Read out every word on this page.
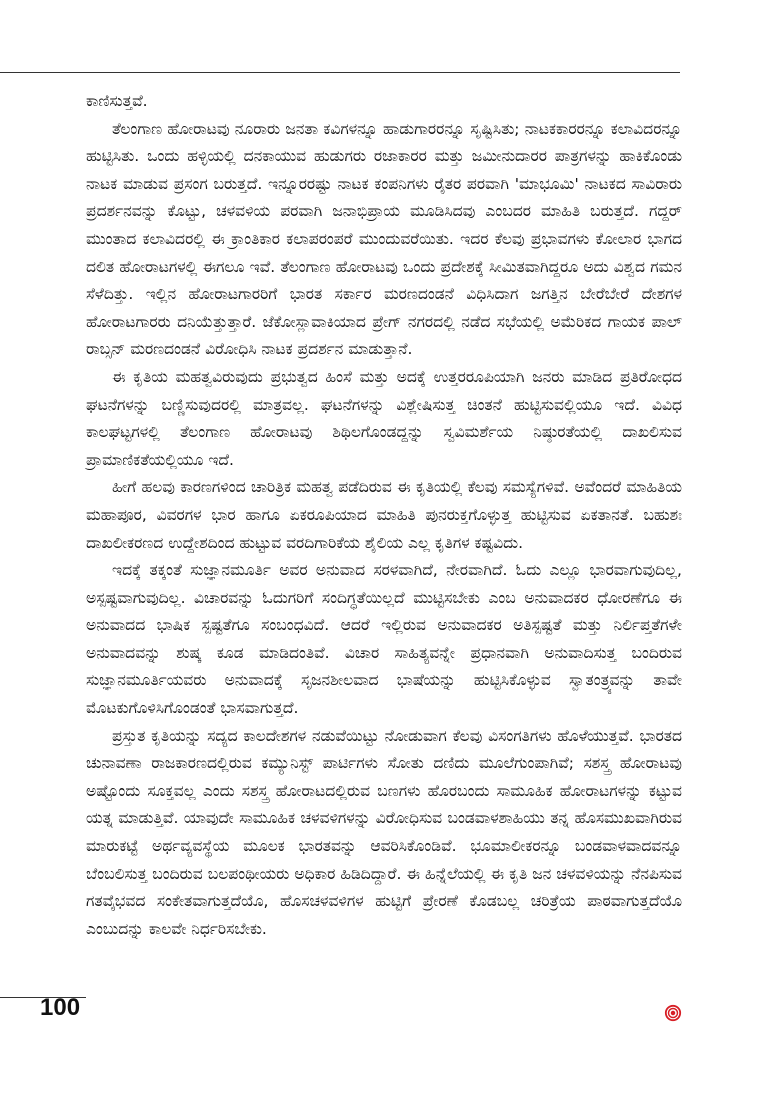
ಕಾಣಿಸುತ್ತವೆ.

ತೆಲಂಗಾಣ ಹೋರಾಟವು ನೂರಾರು ಜನತಾ ಕವಿಗಳನ್ನೂ ಹಾಡುಗಾರರನ್ನೂ ಸೃಷ್ಟಿಸಿತು; ನಾಟಕಕಾರರನ್ನೂ ಕಲಾವಿದರನ್ನೂ ಹುಟ್ಟಿಸಿತು. ಒಂದು ಹಳ್ಳಿಯಲ್ಲಿ ದನಕಾಯುವ ಹುಡುಗರು ರಜಾಕಾರರ ಮತ್ತು ಜಮೀನುದಾರರ ಪಾತ್ರಗಳನ್ನು ಹಾಕಿಕೊಂಡು ನಾಟಕ ಮಾಡುವ ಪ್ರಸಂಗ ಬರುತ್ತದೆ. ಇನ್ನೂರರಷ್ಟು ನಾಟಕ ಕಂಪನಿಗಳು ರೈತರ ಪರವಾಗಿ 'ಮಾಭೂಮಿ' ನಾಟಕದ ಸಾವಿರಾರು ಪ್ರದರ್ಶನವನ್ನು ಕೊಟ್ಟು, ಚಳವಳಿಯ ಪರವಾಗಿ ಜನಾಭಿಪ್ರಾಯ ಮೂಡಿಸಿದವು ಎಂಬದರ ಮಾಹಿತಿ ಬರುತ್ತದೆ. ಗದ್ದರ್ ಮುಂತಾದ ಕಲಾವಿದರಲ್ಲಿ ಈ ಕ್ರಾಂತಿಕಾರ ಕಲಾಪರಂಪರೆ ಮುಂದುವರೆಯಿತು. ಇದರ ಕೆಲವು ಪ್ರಭಾವಗಳು ಕೋಲಾರ ಭಾಗದ ದಲಿತ ಹೋರಾಟಗಳಲ್ಲಿ ಈಗಲೂ ಇವೆ. ತೆಲಂಗಾಣ ಹೋರಾಟವು ಒಂದು ಪ್ರದೇಶಕ್ಕೆ ಸೀಮಿತವಾಗಿದ್ದರೂ ಅದು ವಿಶ್ವದ ಗಮನ ಸೆಳೆದಿತ್ತು. ಇಲ್ಲಿನ ಹೋರಾಟಗಾರರಿಗೆ ಭಾರತ ಸರ್ಕಾರ ಮರಣದಂಡನೆ ವಿಧಿಸಿದಾಗ ಜಗತ್ತಿನ ಬೇರೆಬೇರೆ ದೇಶಗಳ ಹೋರಾಟಗಾರರು ದನಿಯೆತ್ತುತ್ತಾರೆ. ಜೆಕೋಸ್ಲಾವಾಕಿಯಾದ ಪ್ರೇಗ್ ನಗರದಲ್ಲಿ ನಡೆದ ಸಭೆಯಲ್ಲಿ ಅಮೆರಿಕದ ಗಾಯಕ ಪಾಲ್ ರಾಬ್ಸನ್ ಮರಣದಂಡನೆ ವಿರೋಧಿಸಿ ನಾಟಕ ಪ್ರದರ್ಶನ ಮಾಡುತ್ತಾನೆ.

ಈ ಕೃತಿಯ ಮಹತ್ವವಿರುವುದು ಪ್ರಭುತ್ವದ ಹಿಂಸೆ ಮತ್ತು ಅದಕ್ಕೆ ಉತ್ತರರೂಪಿಯಾಗಿ ಜನರು ಮಾಡಿದ ಪ್ರತಿರೋಧದ ಘಟನೆಗಳನ್ನು ಬಣ್ಣಿಸುವುದರಲ್ಲಿ ಮಾತ್ರವಲ್ಲ. ಘಟನೆಗಳನ್ನು ವಿಶ್ಲೇಷಿಸುತ್ತ ಚಿಂತನೆ ಹುಟ್ಟಿಸುವಲ್ಲಿಯೂ ಇದೆ. ವಿವಿಧ ಕಾಲಘಟ್ಟಗಳಲ್ಲಿ ತೆಲಂಗಾಣ ಹೋರಾಟವು ಶಿಥಿಲಗೊಂಡದ್ದನ್ನು ಸ್ವವಿಮರ್ಶೆಯ ನಿಷ್ಠುರತೆಯಲ್ಲಿ ದಾಖಲಿಸುವ ಪ್ರಾಮಾಣಿಕತೆಯಲ್ಲಿಯೂ ಇದೆ.

ಹೀಗೆ ಹಲವು ಕಾರಣಗಳಿಂದ ಚಾರಿತ್ರಿಕ ಮಹತ್ವ ಪಡೆದಿರುವ ಈ ಕೃತಿಯಲ್ಲಿ ಕೆಲವು ಸಮಸ್ಯೆಗಳಿವೆ. ಅವೆಂದರೆ ಮಾಹಿತಿಯ ಮಹಾಪೂರ, ವಿವರಗಳ ಭಾರ ಹಾಗೂ ಏಕರೂಪಿಯಾದ ಮಾಹಿತಿ ಪುನರುಕ್ತಗೊಳ್ಳುತ್ತ ಹುಟ್ಟಿಸುವ ಏಕತಾನತೆ. ಬಹುಶಃ ದಾಖಲೀಕರಣದ ಉದ್ದೇಶದಿಂದ ಹುಟ್ಟುವ ವರದಿಗಾರಿಕೆಯ ಶೈಲಿಯ ಎಲ್ಲ ಕೃತಿಗಳ ಕಷ್ಟವಿದು.

ಇದಕ್ಕೆ ತಕ್ಕಂತೆ ಸುಜ್ಞಾನಮೂರ್ತಿ ಅವರ ಅನುವಾದ ಸರಳವಾಗಿದೆ, ನೇರವಾಗಿದೆ. ಓದು ಎಲ್ಲೂ ಭಾರವಾಗುವುದಿಲ್ಲ, ಅಸ್ಪಷ್ಟವಾಗುವುದಿಲ್ಲ. ವಿಚಾರವನ್ನು ಓದುಗರಿಗೆ ಸಂದಿಗ್ಧತೆಯಿಲ್ಲದೆ ಮುಟ್ಟಿಸಬೇಕು ಎಂಬ ಅನುವಾದಕರ ಧೋರಣೆಗೂ ಈ ಅನುವಾದದ ಭಾಷಿಕ ಸ್ಪಷ್ಟತೆಗೂ ಸಂಬಂಧವಿದೆ. ಆದರೆ ಇಲ್ಲಿರುವ ಅನುವಾದಕರ ಅತಿಸ್ಪಷ್ಟತೆ ಮತ್ತು ನಿರ್ಲಿಪ್ತತೆಗಳೇ ಅನುವಾದವನ್ನು ಶುಷ್ಕ ಕೂಡ ಮಾಡಿದಂತಿವೆ. ವಿಚಾರ ಸಾಹಿತ್ಯವನ್ನೇ ಪ್ರಧಾನವಾಗಿ ಅನುವಾದಿಸುತ್ತ ಬಂದಿರುವ ಸುಜ್ಞಾನಮೂರ್ತಿಯವರು ಅನುವಾದಕ್ಕೆ ಸೃಜನಶೀಲವಾದ ಭಾಷೆಯನ್ನು ಹುಟ್ಟಿಸಿಕೊಳ್ಳುವ ಸ್ವಾತಂತ್ರ್ಯವನ್ನು ತಾವೇ ಮೊಟಕುಗೊಳಿಸಿಗೊಂಡಂತೆ ಭಾಸವಾಗುತ್ತದೆ.

ಪ್ರಸ್ತುತ ಕೃತಿಯನ್ನು ಸದ್ಯದ ಕಾಲದೇಶಗಳ ನಡುವೆಯಿಟ್ಟು ನೋಡುವಾಗ ಕೆಲವು ವಿಸಂಗತಿಗಳು ಹೊಳೆಯುತ್ತವೆ. ಭಾರತದ ಚುನಾವಣಾ ರಾಜಕಾರಣದಲ್ಲಿರುವ ಕಮ್ಯುನಿಸ್ಟ್ ಪಾರ್ಟಿಗಳು ಸೋತು ದಣಿದು ಮೂಲೆಗುಂಪಾಗಿವೆ; ಸಶಸ್ತ್ರ ಹೋರಾಟವು ಅಷ್ಟೊಂದು ಸೂಕ್ತವಲ್ಲ ಎಂದು ಸಶಸ್ತ್ರ ಹೋರಾಟದಲ್ಲಿರುವ ಬಣಗಳು ಹೊರಬಂದು ಸಾಮೂಹಿಕ ಹೋರಾಟಗಳನ್ನು ಕಟ್ಟುವ ಯತ್ನ ಮಾಡುತ್ತಿವೆ. ಯಾವುದೇ ಸಾಮೂಹಿಕ ಚಳವಳಿಗಳನ್ನು ವಿರೋಧಿಸುವ ಬಂಡವಾಳಶಾಹಿಯು ತನ್ನ ಹೊಸಮುಖವಾಗಿರುವ ಮಾರುಕಟ್ಟೆ ಅರ್ಥವ್ಯವಸ್ಥೆಯ ಮೂಲಕ ಭಾರತವನ್ನು ಆವರಿಸಿಕೊಂಡಿವೆ. ಭೂಮಾಲೀಕರನ್ನೂ ಬಂಡವಾಳವಾದವನ್ನೂ ಬೆಂಬಲಿಸುತ್ತ ಬಂದಿರುವ ಬಲಪಂಥೀಯರು ಅಧಿಕಾರ ಹಿಡಿದಿದ್ದಾರೆ. ಈ ಹಿನ್ನೆಲೆಯಲ್ಲಿ ಈ ಕೃತಿ ಜನ ಚಳವಳಿಯನ್ನು ನೆನಪಿಸುವ ಗತವೈಭವದ ಸಂಕೇತವಾಗುತ್ತದೆಯೊ, ಹೊಸಚಳವಳಿಗಳ ಹುಟ್ಟಿಗೆ ಪ್ರೇರಣೆ ಕೊಡಬಲ್ಲ ಚರಿತ್ರೆಯ ಪಾಠವಾಗುತ್ತದೆಯೊ ಎಂಬುದನ್ನು ಕಾಲವೇ ನಿರ್ಧರಿಸಬೇಕು.

100
